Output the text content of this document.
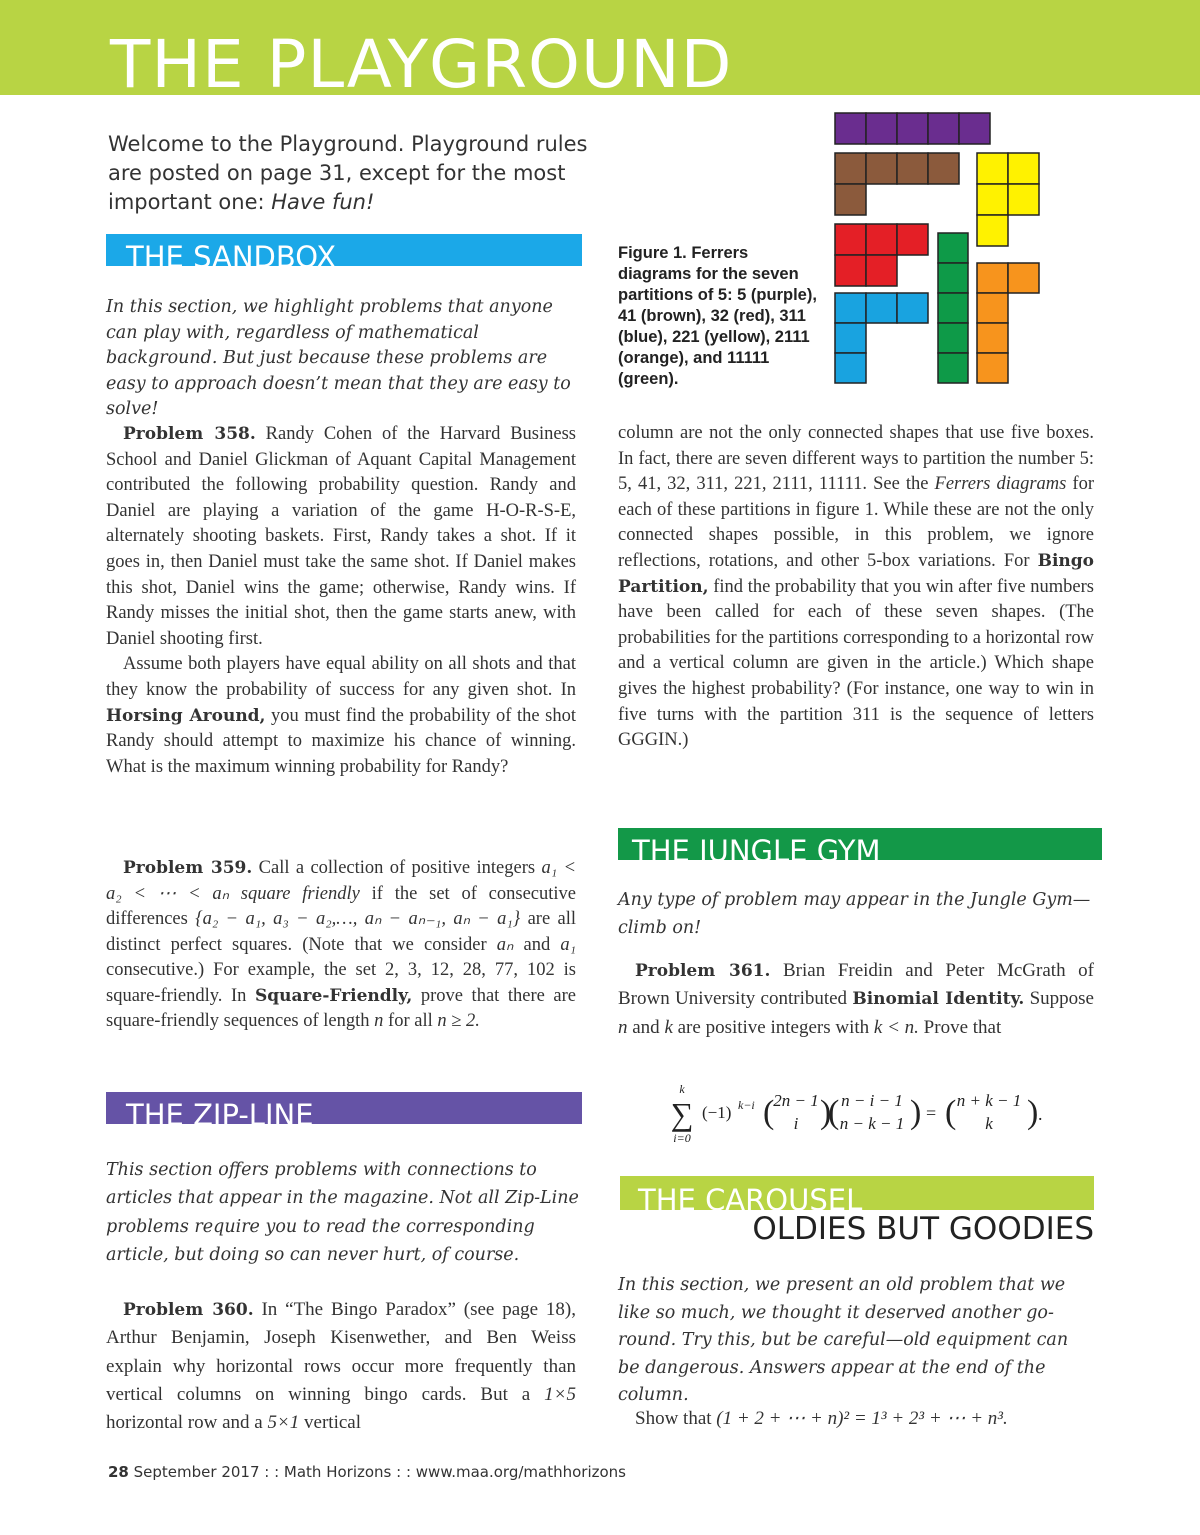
THE PLAYGROUND
Welcome to the Playground. Playground rules are posted on page 31, except for the most important one: Have fun!
THE SANDBOX
In this section, we highlight problems that anyone can play with, regardless of mathematical background. But just because these problems are easy to approach doesn’t mean that they are easy to solve!

Problem 358. Randy Cohen of the Harvard Business School and Daniel Glickman of Aquant Capital Management contributed the following probability question. Randy and Daniel are playing a variation of the game H-O-R-S-E, alternately shooting baskets. First, Randy takes a shot. If it goes in, then Daniel must take the same shot. If Daniel makes this shot, Daniel wins the game; otherwise, Randy wins. If Randy misses the initial shot, then the game starts anew, with Daniel shooting first.

Assume both players have equal ability on all shots and that they know the probability of success for any given shot. In Horsing Around, you must find the probability of the shot Randy should attempt to maximize his chance of winning. What is the maximum winning probability for Randy?

Problem 359. Call a collection of positive integers a₁ < a₂ < ⋯ < aₙ square friendly if the set of consecutive differences {a₂ − a₁, a₃ − a₂,…, aₙ − aₙ₋₁, aₙ − a₁} are all distinct perfect squares. (Note that we consider aₙ and a₁ consecutive.) For example, the set 2, 3, 12, 28, 77, 102 is square-friendly. In Square-Friendly, prove that there are square-friendly sequences of length n for all n ≥ 2.

THE ZIP-LINE
This section offers problems with connections to articles that appear in the magazine. Not all Zip-Line problems require you to read the corresponding article, but doing so can never hurt, of course.

Problem 360. In “The Bingo Paradox” (see page 18), Arthur Benjamin, Joseph Kisenwether, and Ben Weiss explain why horizontal rows occur more frequently than vertical columns on winning bingo cards. But a 1×5 horizontal row and a 5×1 vertical

column are not the only connected shapes that use five boxes. In fact, there are seven different ways to partition the number 5: 5, 41, 32, 311, 221, 2111, 11111. See the Ferrers diagrams for each of these partitions in figure 1. While these are not the only connected shapes possible, in this problem, we ignore reflections, rotations, and other 5-box variations. For Bingo Partition, find the probability that you win after five numbers have been called for each of these seven shapes. (The probabilities for the partitions corresponding to a horizontal row and a vertical column are given in the article.) Which shape gives the highest probability? (For instance, one way to win in five turns with the partition 311 is the sequence of letters GGGIN.)

Figure 1. Ferrers diagrams for the seven partitions of 5: 5 (purple), 41 (brown), 32 (red), 311 (blue), 221 (yellow), 2111 (orange), and 11111 (green).
THE JUNGLE GYM
Any type of problem may appear in the Jungle Gym—climb on!

Problem 361. Brian Freidin and Peter McGrath of Brown University contributed Binomial Identity. Suppose n and k are positive integers with k < n. Prove that

k
∑
i=0
(−1) k−i (
2n − 1
i )
( n − i − 1
n − k − 1 ) = ( n + k − 1
k ) .
THE CAROUSEL
OLDIES BUT GOODIES
In this section, we present an old problem that we like so much, we thought it deserved another go-round. Try this, but be careful—old equipment can be dangerous. Answers appear at the end of the column.
Show that (1 + 2 + ⋯ + n)² = 1³ + 2³ + ⋯ + n³.
28 September 2017 : : Math Horizons : : www.maa.org/mathhorizons
